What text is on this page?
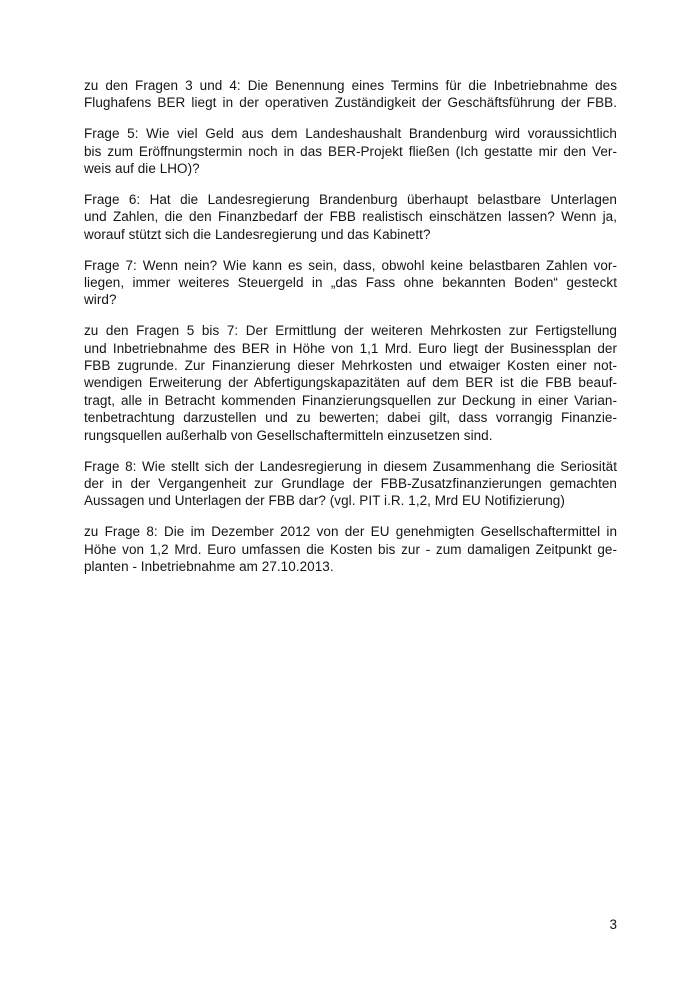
zu den Fragen 3 und 4: Die Benennung eines Termins für die Inbetriebnahme des
Flughafens BER liegt in der operativen Zuständigkeit der Geschäftsführung der FBB.
Frage 5: Wie viel Geld aus dem Landeshaushalt Brandenburg wird voraussichtlich
bis zum Eröffnungstermin noch in das BER-Projekt fließen (Ich gestatte mir den Ver-
weis auf die LHO)?
Frage 6: Hat die Landesregierung Brandenburg überhaupt belastbare Unterlagen
und Zahlen, die den Finanzbedarf der FBB realistisch einschätzen lassen? Wenn ja,
worauf stützt sich die Landesregierung und das Kabinett?
Frage 7: Wenn nein? Wie kann es sein, dass, obwohl keine belastbaren Zahlen vor-
liegen, immer weiteres Steuergeld in „das Fass ohne bekannten Boden“ gesteckt
wird?
zu den Fragen 5 bis 7: Der Ermittlung der weiteren Mehrkosten zur Fertigstellung
und Inbetriebnahme des BER in Höhe von 1,1 Mrd. Euro liegt der Businessplan der
FBB zugrunde. Zur Finanzierung dieser Mehrkosten und etwaiger Kosten einer not-
wendigen Erweiterung der Abfertigungskapazitäten auf dem BER ist die FBB beauf-
tragt, alle in Betracht kommenden Finanzierungsquellen zur Deckung in einer Varian-
tenbetrachtung darzustellen und zu bewerten; dabei gilt, dass vorrangig Finanzie-
rungsquellen außerhalb von Gesellschaftermitteln einzusetzen sind.
Frage 8: Wie stellt sich der Landesregierung in diesem Zusammenhang die Seriosität
der in der Vergangenheit zur Grundlage der FBB-Zusatzfinanzierungen gemachten
Aussagen und Unterlagen der FBB dar? (vgl. PIT i.R. 1,2, Mrd EU Notifizierung)
zu Frage 8: Die im Dezember 2012 von der EU genehmigten Gesellschaftermittel in
Höhe von 1,2 Mrd. Euro umfassen die Kosten bis zur - zum damaligen Zeitpunkt ge-
planten - Inbetriebnahme am 27.10.2013.
3
